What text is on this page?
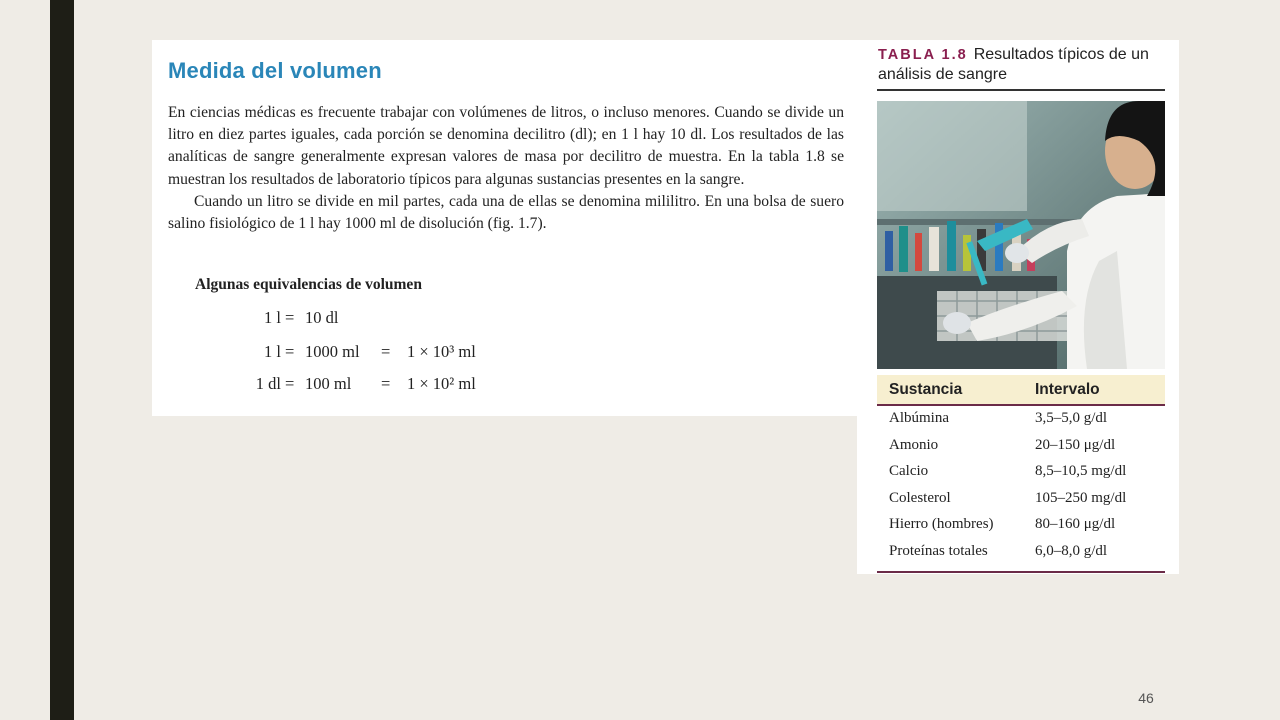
Medida del volumen

En ciencias médicas es frecuente trabajar con volúmenes de litros, o incluso menores. Cuando se divide un litro en diez partes iguales, cada porción se denomina decilitro (dl); en 1 l hay 10 dl. Los resultados de las analíticas de sangre generalmente expresan valores de masa por decilitro de muestra. En la tabla 1.8 se muestran los resultados de laboratorio típicos para algunas sustancias presentes en la sangre.

Cuando un litro se divide en mil partes, cada una de ellas se denomina mililitro. En una bolsa de suero salino fisiológico de 1 l hay 1000 ml de disolución (fig. 1.7).

Algunas equivalencias de volumen
1 l = 10 dl
1 l = 1000 ml = 1 × 10³ ml
1 dl = 100 ml = 1 × 10² ml
TABLA 1.8 Resultados típicos de un análisis de sangre
Sustancia	Intervalo
Albúmina	3,5–5,0 g/dl
Amonio	20–150 μg/dl
Calcio	8,5–10,5 mg/dl
Colesterol	105–250 mg/dl
Hierro (hombres)	80–160 μg/dl
Proteínas totales	6,0–8,0 g/dl
46
